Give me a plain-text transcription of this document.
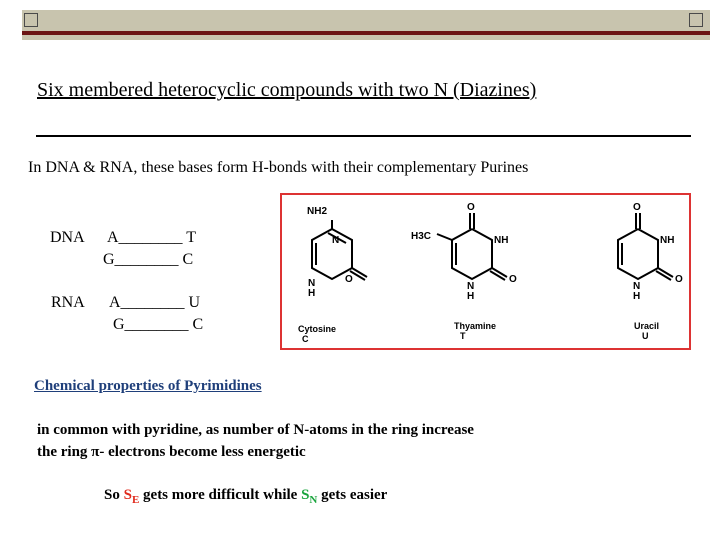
Six membered heterocyclic compounds with two N (Diazines)
In DNA & RNA, these bases form H-bonds with their complementary Purines
DNA A________ T
G________ C
RNA A________ U
G________ C
NH2
N
N
H
O
H3C
O
NH
N
H
O
O
NH
N
H
O
Cytosine
C
Thyamine
T
Uracil
U
Chemical properties of Pyrimidines
in common with pyridine, as number of N-atoms in the ring increase
the ring π- electrons become less energetic
So $S_E$ gets more difficult while $S_N$ gets easier
